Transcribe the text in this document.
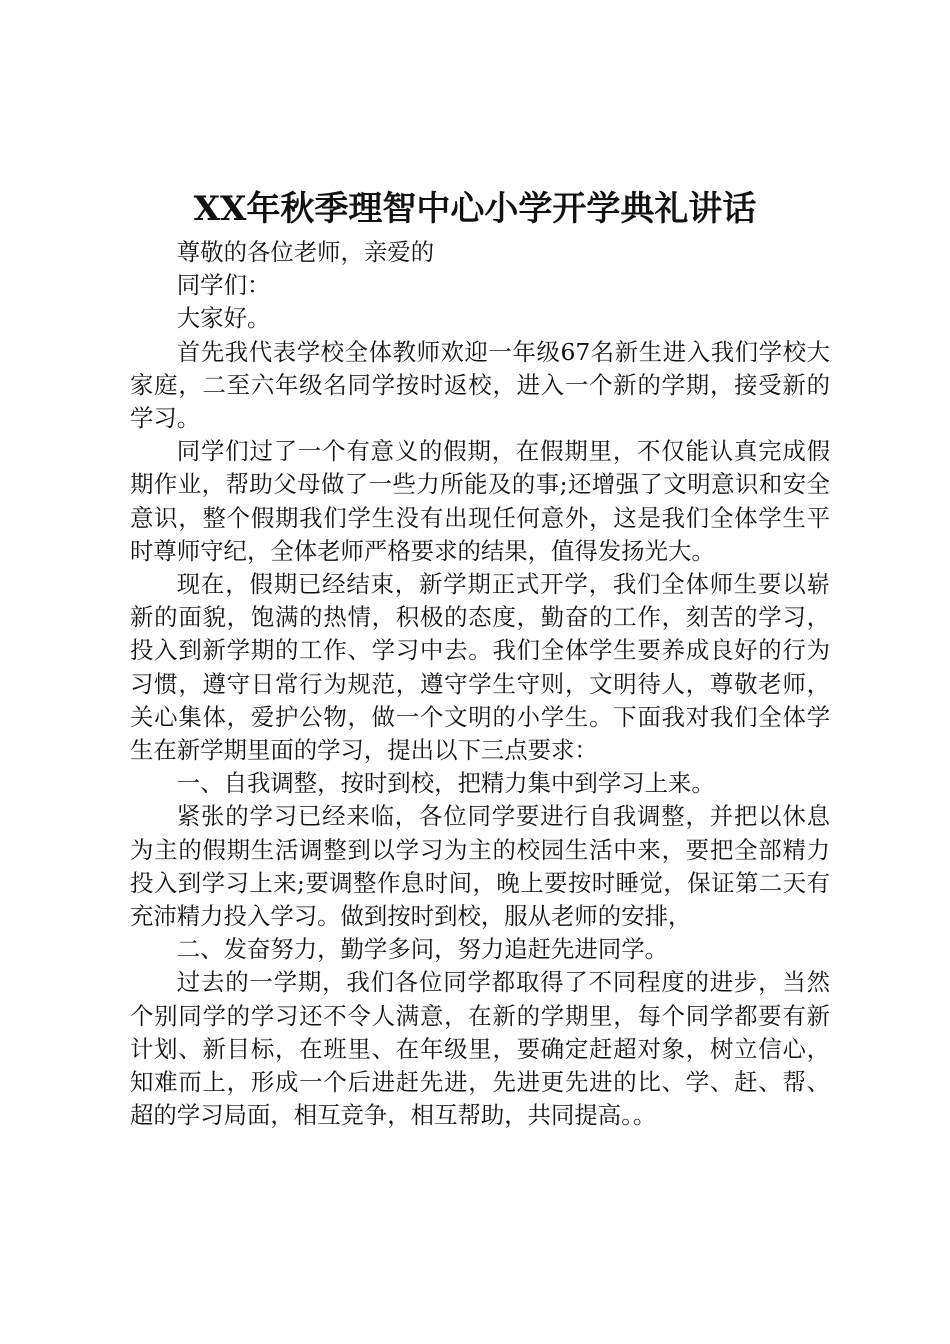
XX年秋季理智中心小学开学典礼讲话

尊敬的各位老师，亲爱的

同学们：

大家好。

首先我代表学校全体教师欢迎一年级67名新生进入我们学校大家庭，二至六年级名同学按时返校，进入一个新的学期，接受新的学习。

同学们过了一个有意义的假期，在假期里，不仅能认真完成假期作业，帮助父母做了一些力所能及的事;还增强了文明意识和安全意识，整个假期我们学生没有出现任何意外，这是我们全体学生平时尊师守纪，全体老师严格要求的结果，值得发扬光大。

现在，假期已经结束，新学期正式开学，我们全体师生要以崭新的面貌，饱满的热情，积极的态度，勤奋的工作，刻苦的学习，投入到新学期的工作、学习中去。我们全体学生要养成良好的行为习惯，遵守日常行为规范，遵守学生守则，文明待人，尊敬老师，关心集体，爱护公物，做一个文明的小学生。下面我对我们全体学生在新学期里面的学习，提出以下三点要求：

一、自我调整，按时到校，把精力集中到学习上来。

紧张的学习已经来临，各位同学要进行自我调整，并把以休息为主的假期生活调整到以学习为主的校园生活中来，要把全部精力投入到学习上来;要调整作息时间，晚上要按时睡觉，保证第二天有充沛精力投入学习。做到按时到校，服从老师的安排，

二、发奋努力，勤学多问，努力追赶先进同学。

过去的一学期，我们各位同学都取得了不同程度的进步，当然个别同学的学习还不令人满意，在新的学期里，每个同学都要有新计划、新目标，在班里、在年级里，要确定赶超对象，树立信心，知难而上，形成一个后进赶先进，先进更先进的比、学、赶、帮、超的学习局面，相互竞争，相互帮助，共同提高。。
